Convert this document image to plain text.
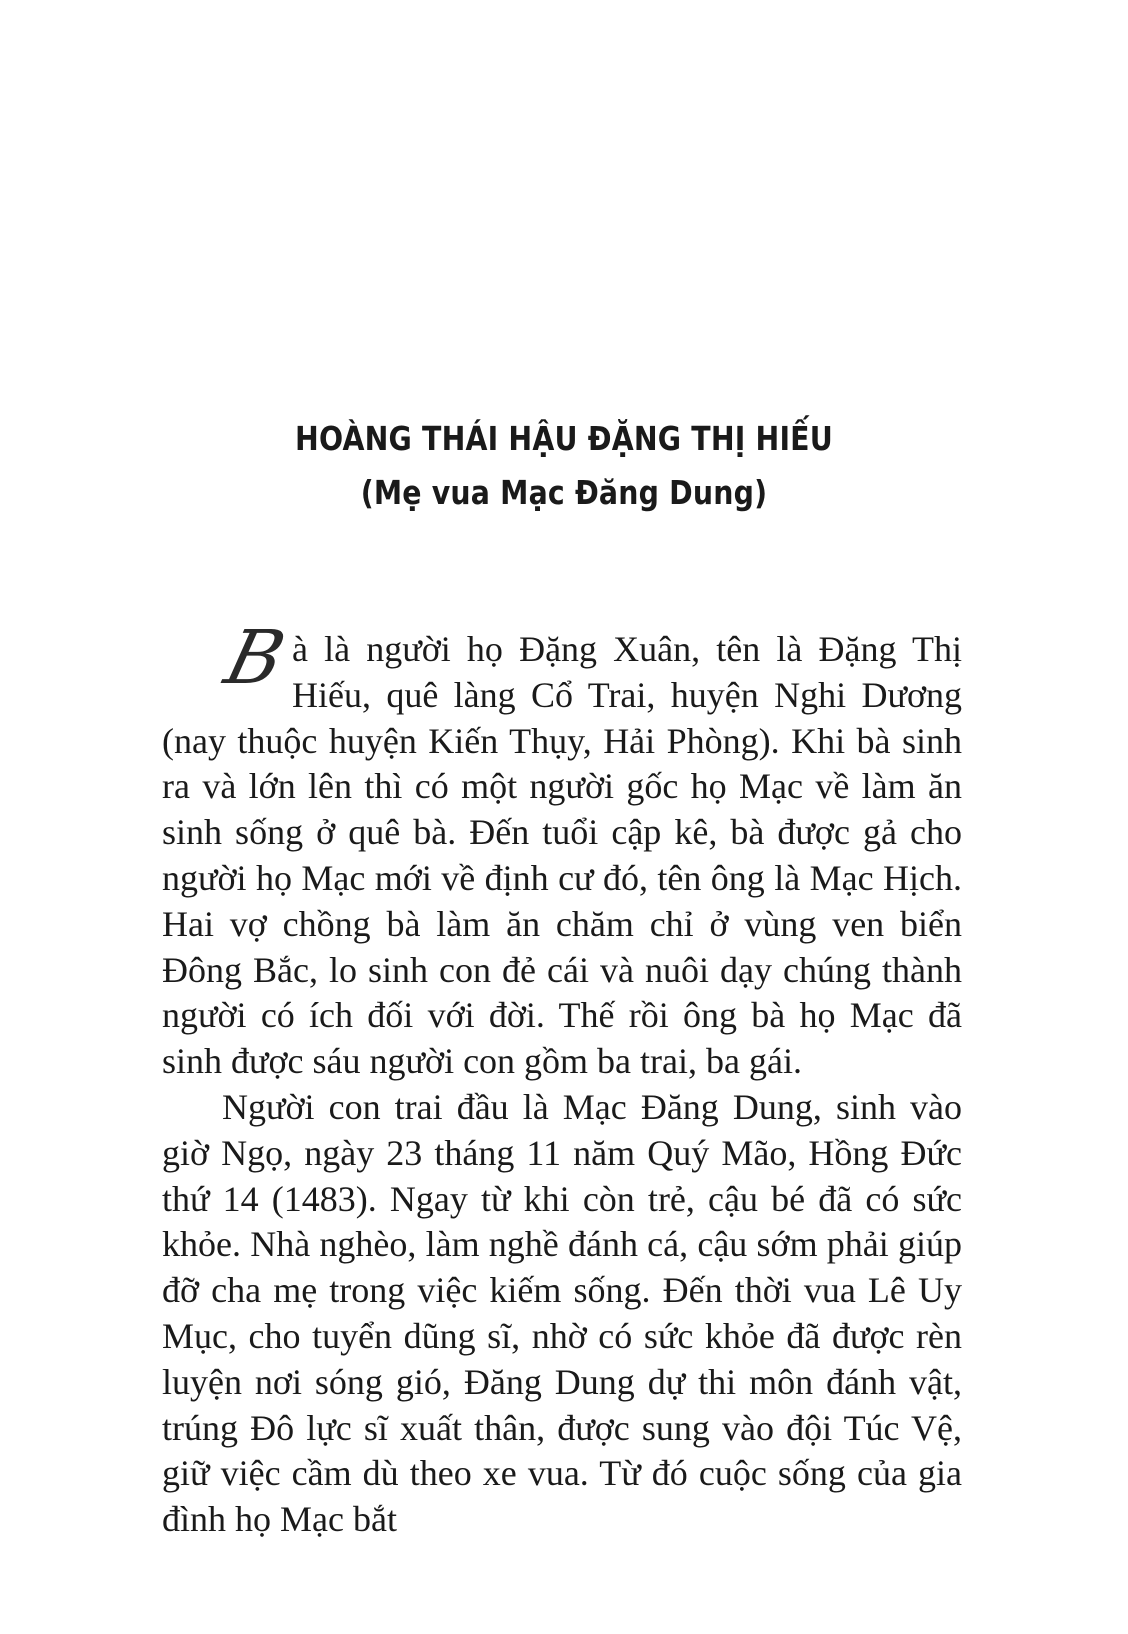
HOÀNG THÁI HẬU ĐẶNG THỊ HIẾU
(Mẹ vua Mạc Đăng Dung)

Bà là người họ Đặng Xuân, tên là Đặng Thị Hiếu, quê làng Cổ Trai, huyện Nghi Dương (nay thuộc huyện Kiến Thụy, Hải Phòng). Khi bà sinh ra và lớn lên thì có một người gốc họ Mạc về làm ăn sinh sống ở quê bà. Đến tuổi cập kê, bà được gả cho người họ Mạc mới về định cư đó, tên ông là Mạc Hịch. Hai vợ chồng bà làm ăn chăm chỉ ở vùng ven biển Đông Bắc, lo sinh con đẻ cái và nuôi dạy chúng thành người có ích đối với đời. Thế rồi ông bà họ Mạc đã sinh được sáu người con gồm ba trai, ba gái.

Người con trai đầu là Mạc Đăng Dung, sinh vào giờ Ngọ, ngày 23 tháng 11 năm Quý Mão, Hồng Đức thứ 14 (1483). Ngay từ khi còn trẻ, cậu bé đã có sức khỏe. Nhà nghèo, làm nghề đánh cá, cậu sớm phải giúp đỡ cha mẹ trong việc kiếm sống. Đến thời vua Lê Uy Mục, cho tuyển dũng sĩ, nhờ có sức khỏe đã được rèn luyện nơi sóng gió, Đăng Dung dự thi môn đánh vật, trúng Đô lực sĩ xuất thân, được sung vào đội Túc Vệ, giữ việc cầm dù theo xe vua. Từ đó cuộc sống của gia đình họ Mạc bắt
